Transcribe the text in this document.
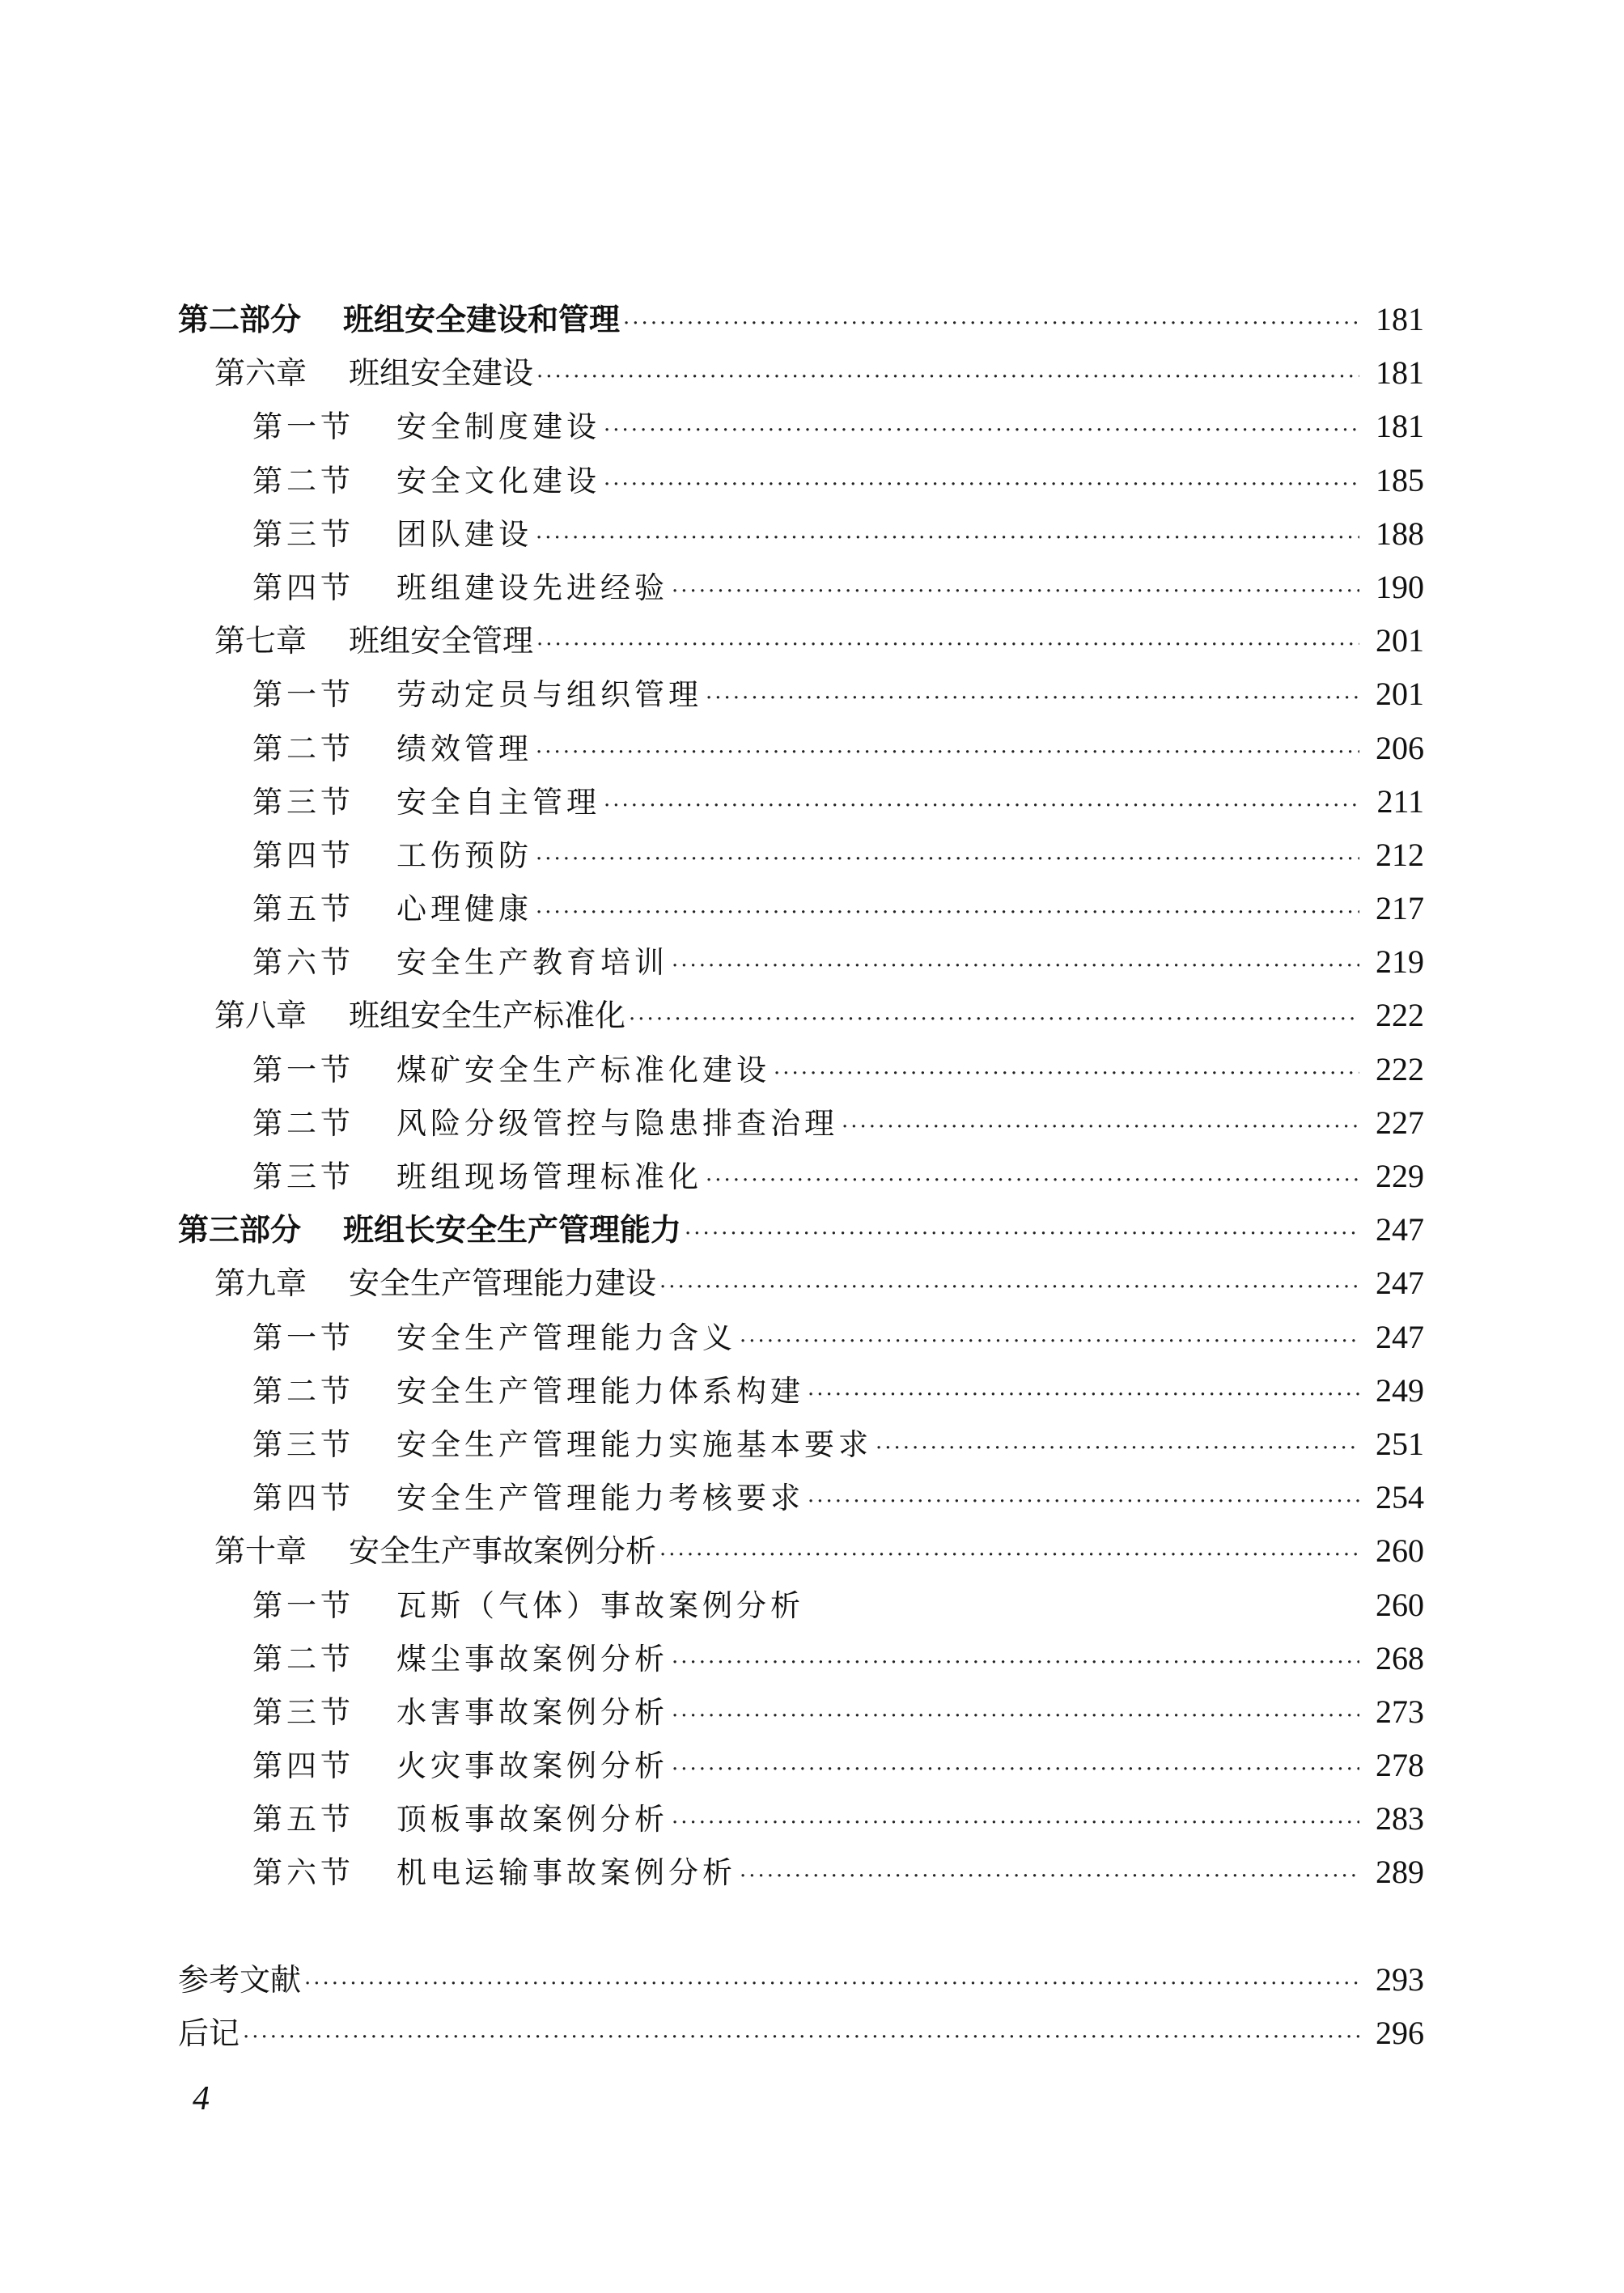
第二部分 班组安全建设和管理 ·····	181
第六章 班组安全建设 ·····	181
第一节 安全制度建设 ·····	181
第二节 安全文化建设 ·····	185
第三节 团队建设 ·····	188
第四节 班组建设先进经验 ·····	190
第七章 班组安全管理 ·····	201
第一节 劳动定员与组织管理 ·····	201
第二节 绩效管理 ·····	206
第三节 安全自主管理 ·····	211
第四节 工伤预防 ·····	212
第五节 心理健康 ·····	217
第六节 安全生产教育培训 ·····	219
第八章 班组安全生产标准化 ·····	222
第一节 煤矿安全生产标准化建设 ·····	222
第二节 风险分级管控与隐患排查治理 ·····	227
第三节 班组现场管理标准化 ·····	229
第三部分 班组长安全生产管理能力 ·····	247
第九章 安全生产管理能力建设 ·····	247
第一节 安全生产管理能力含义 ·····	247
第二节 安全生产管理能力体系构建 ·····	249
第三节 安全生产管理能力实施基本要求 ·····	251
第四节 安全生产管理能力考核要求 ·····	254
第十章 安全生产事故案例分析 ·····	260
第一节 瓦斯（气体）事故案例分析	260
第二节 煤尘事故案例分析 ·····	268
第三节 水害事故案例分析 ·····	273
第四节 火灾事故案例分析 ·····	278
第五节 顶板事故案例分析 ·····	283
第六节 机电运输事故案例分析 ·····	289
参考文献 ·····	293
后记 ·····	296
4
